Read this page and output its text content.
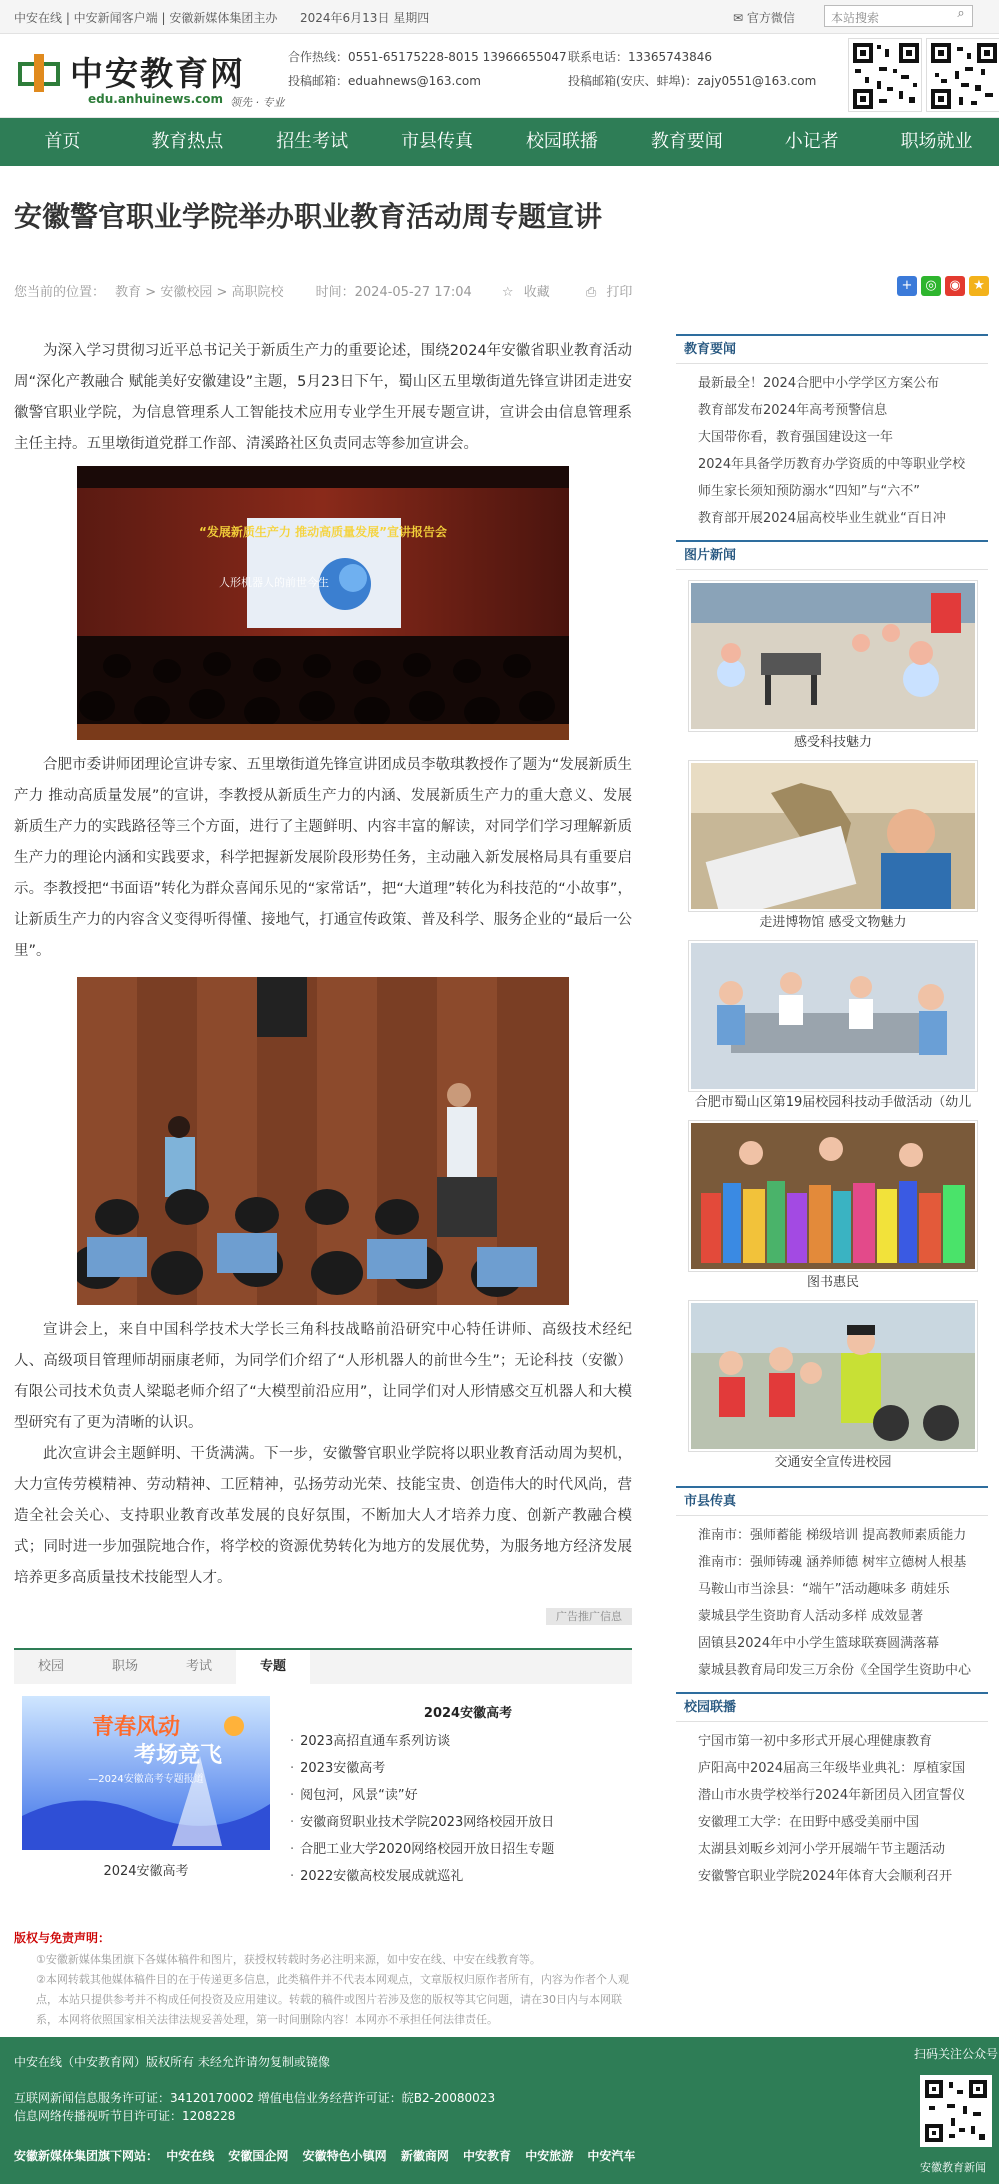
中安在线 | 中安新闻客户端 | 安徽新媒体集团主办 2024年6月13日 星期四	✉ 官方微信	本站搜索	⌕
中安教育网
edu.anhuinews.com 领先 · 专业
合作热线：0551-65175228-8015 13966655047
投稿邮箱：eduahnews@163.com
联系电话：13365743846
投稿邮箱(安庆、蚌埠)：zajy0551@163.com
首页	教育热点	招生考试	市县传真	校园联播	教育要闻	小记者	职场就业
安徽警官职业学院举办职业教育活动周专题宣讲
您当前的位置： 教育 > 安徽校园 > 高职院校 时间：2024-05-27 17:04 ☆ 收藏	⎙ 打印	+ ◎ ◉ ★

为深入学习贯彻习近平总书记关于新质生产力的重要论述，围绕2024年安徽省职业教育活动周“深化产教融合 赋能美好安徽建设”主题，5月23日下午，蜀山区五里墩街道先锋宣讲团走进安徽警官职业学院，为信息管理系人工智能技术应用专业学生开展专题宣讲，宣讲会由信息管理系主任主持。五里墩街道党群工作部、清溪路社区负责同志等参加宣讲会。

人形机器人的前世今生
“发展新质生产力 推动高质量发展”宣讲报告会

合肥市委讲师团理论宣讲专家、五里墩街道先锋宣讲团成员李敬琪教授作了题为“发展新质生产力 推动高质量发展”的宣讲，李教授从新质生产力的内涵、发展新质生产力的重大意义、发展新质生产力的实践路径等三个方面，进行了主题鲜明、内容丰富的解读，对同学们学习理解新质生产力的理论内涵和实践要求，科学把握新发展阶段形势任务，主动融入新发展格局具有重要启示。李教授把“书面语”转化为群众喜闻乐见的“家常话”，把“大道理”转化为科技范的“小故事”，让新质生产力的内容含义变得听得懂、接地气，打通宣传政策、普及科学、服务企业的“最后一公里”。

宣讲会上，来自中国科学技术大学长三角科技战略前沿研究中心特任讲师、高级技术经纪人、高级项目管理师胡丽康老师，为同学们介绍了“人形机器人的前世今生”；无论科技（安徽）有限公司技术负责人梁聪老师介绍了“大模型前沿应用”，让同学们对人形情感交互机器人和大模型研究有了更为清晰的认识。

此次宣讲会主题鲜明、干货满满。下一步，安徽警官职业学院将以职业教育活动周为契机，大力宣传劳模精神、劳动精神、工匠精神，弘扬劳动光荣、技能宝贵、创造伟大的时代风尚，营造全社会关心、支持职业教育改革发展的良好氛围，不断加大人才培养力度、创新产教融合模式；同时进一步加强院地合作，将学校的资源优势转化为地方的发展优势，为服务地方经济发展培养更多高质量技术技能型人才。

广告推广信息
校园	职场	考试	专题
青春风动
考场竞飞
—2024安徽高考专题报道
2024安徽高考
2024安徽高考
· 2023高招直通车系列访谈
· 2023安徽高考
· 阅包河，风景“读”好
· 安徽商贸职业技术学院2023网络校园开放日
· 合肥工业大学2020网络校园开放日招生专题
· 2022安徽高校发展成就巡礼
版权与免责声明：

①安徽新媒体集团旗下各媒体稿件和图片，获授权转载时务必注明来源，如中安在线、中安在线教育等。

②本网转载其他媒体稿件目的在于传递更多信息，此类稿件并不代表本网观点，文章版权归原作者所有，内容为作者个人观点，本站只提供参考并不构成任何投资及应用建议。转载的稿件或图片若涉及您的版权等其它问题，请在30日内与本网联系，本网将依照国家相关法律法规妥善处理，第一时间删除内容！本网亦不承担任何法律责任。

教育要闻
最新最全！2024合肥中小学学区方案公布
教育部发布2024年高考预警信息
大国带你看，教育强国建设这一年
2024年具备学历教育办学资质的中等职业学校
师生家长须知预防溺水“四知”与“六不”
教育部开展2024届高校毕业生就业“百日冲
图片新闻
感受科技魅力
走进博物馆 感受文物魅力
合肥市蜀山区第19届校园科技动手做活动（幼儿
图书惠民
交通安全宣传进校园
市县传真
淮南市：强师蓄能 梯级培训 提高教师素质能力
淮南市：强师铸魂 涵养师德 树牢立德树人根基
马鞍山市当涂县：“端午”活动趣味多 萌娃乐
蒙城县学生资助育人活动多样 成效显著
固镇县2024年中小学生篮球联赛圆满落幕
蒙城县教育局印发三万余份《全国学生资助中心
校园联播
宁国市第一初中多形式开展心理健康教育
庐阳高中2024届高三年级毕业典礼：厚植家国
潜山市水贵学校举行2024年新团员入团宣誓仪
安徽理工大学：在田野中感受美丽中国
太湖县刘畈乡刘河小学开展端午节主题活动
安徽警官职业学院2024年体育大会顺利召开
中安在线（中安教育网）版权所有 未经允许请勿复制或镜像
互联网新闻信息服务许可证：34120170002 增值电信业务经营许可证：皖B2-20080023
信息网络传播视听节目许可证：1208228
安徽新媒体集团旗下网站： 中安在线 安徽国企网 安徽特色小镇网 新徽商网 中安教育 中安旅游 中安汽车
扫码关注公众号
安徽教育新闻
